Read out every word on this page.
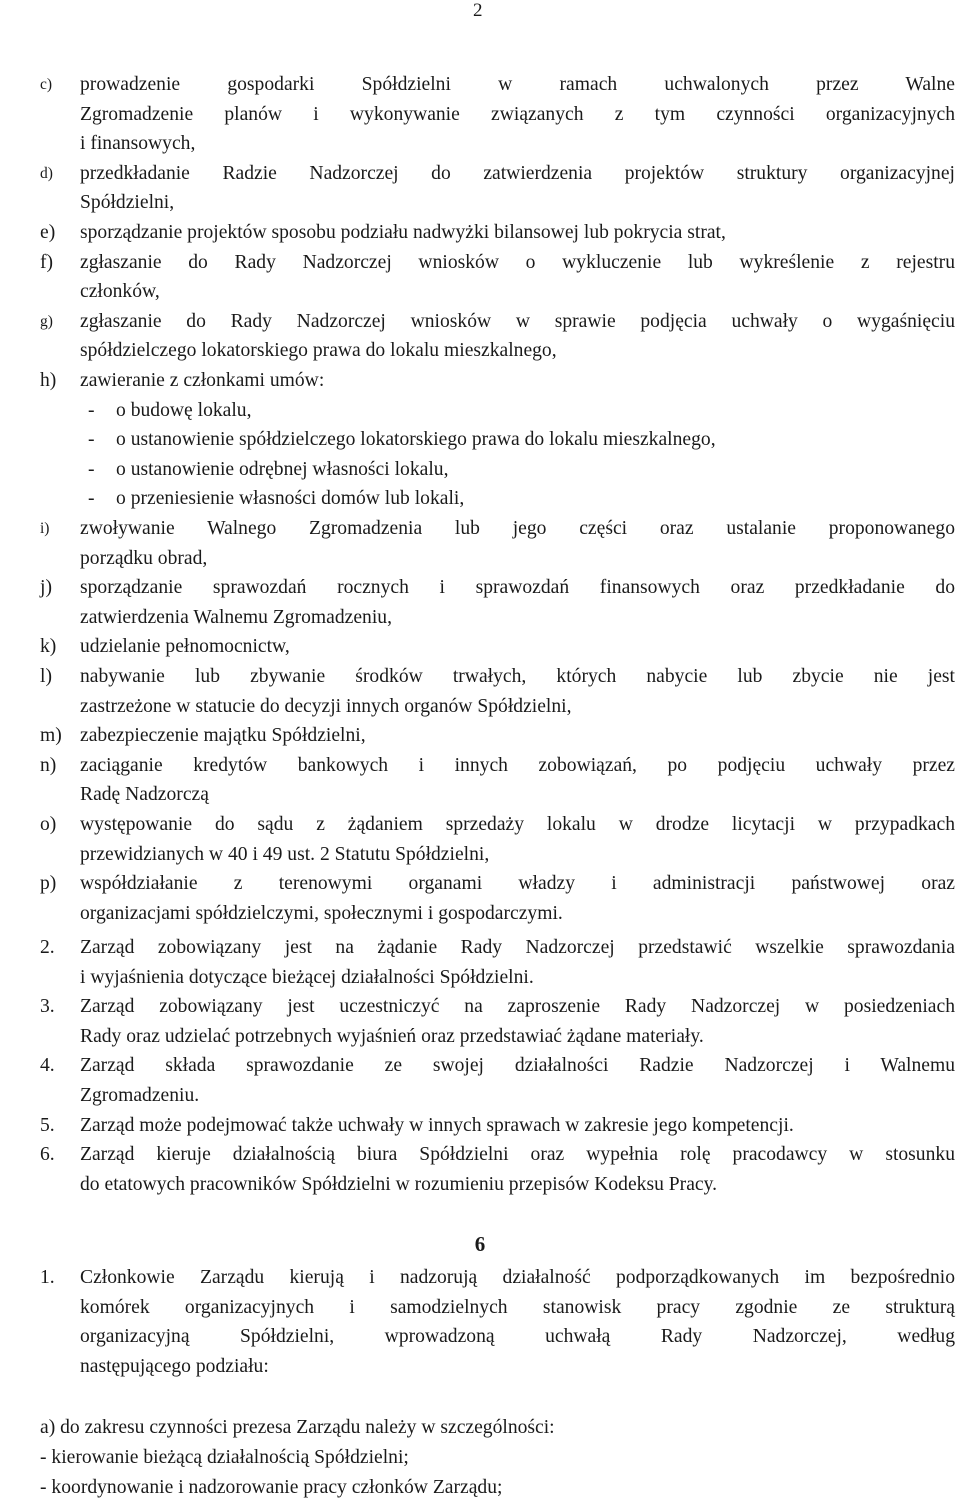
2
c) prowadzenie gospodarki Spółdzielni w ramach uchwalonych przez Walne
Zgromadzenie planów i wykonywanie związanych z tym czynności organizacyjnych
i finansowych,
d) przedkładanie Radzie Nadzorczej do zatwierdzenia projektów struktury organizacyjnej
Spółdzielni,
e) sporządzanie projektów sposobu podziału nadwyżki bilansowej lub pokrycia strat,
f) zgłaszanie do Rady Nadzorczej wniosków o wykluczenie lub wykreślenie z rejestru
członków,
g) zgłaszanie do Rady Nadzorczej wniosków w sprawie podjęcia uchwały o wygaśnięciu
spółdzielczego lokatorskiego prawa do lokalu mieszkalnego,
h) zawieranie z członkami umów:
- o budowę lokalu,
- o ustanowienie spółdzielczego lokatorskiego prawa do lokalu mieszkalnego,
- o ustanowienie odrębnej własności lokalu,
- o przeniesienie własności domów lub lokali,
i) zwoływanie Walnego Zgromadzenia lub jego części oraz ustalanie proponowanego
porządku obrad,
j) sporządzanie sprawozdań rocznych i sprawozdań finansowych oraz przedkładanie do
zatwierdzenia Walnemu Zgromadzeniu,
k) udzielanie pełnomocnictw,
l) nabywanie lub zbywanie środków trwałych, których nabycie lub zbycie nie jest
zastrzeżone w statucie do decyzji innych organów Spółdzielni,
m) zabezpieczenie majątku Spółdzielni,
n) zaciąganie kredytów bankowych i innych zobowiązań, po podjęciu uchwały przez
Radę Nadzorczą
o) występowanie do sądu z żądaniem sprzedaży lokalu w drodze licytacji w przypadkach
przewidzianych w 40 i 49 ust. 2 Statutu Spółdzielni,
p) współdziałanie z terenowymi organami władzy i administracji państwowej oraz
organizacjami spółdzielczymi, społecznymi i gospodarczymi.
2. Zarząd zobowiązany jest na żądanie Rady Nadzorczej przedstawić wszelkie sprawozdania
i wyjaśnienia dotyczące bieżącej działalności Spółdzielni.
3. Zarząd zobowiązany jest uczestniczyć na zaproszenie Rady Nadzorczej w posiedzeniach
Rady oraz udzielać potrzebnych wyjaśnień oraz przedstawiać żądane materiały.
4. Zarząd składa sprawozdanie ze swojej działalności Radzie Nadzorczej i Walnemu
Zgromadzeniu.
5. Zarząd może podejmować także uchwały w innych sprawach w zakresie jego kompetencji.
6. Zarząd kieruje działalnością biura Spółdzielni oraz wypełnia rolę pracodawcy w stosunku
do etatowych pracowników Spółdzielni w rozumieniu przepisów Kodeksu Pracy.
6
1. Członkowie Zarządu kierują i nadzorują działalność podporządkowanych im bezpośrednio
komórek organizacyjnych i samodzielnych stanowisk pracy zgodnie ze strukturą
organizacyjną Spółdzielni, wprowadzoną uchwałą Rady Nadzorczej, według
następującego podziału:
a) do zakresu czynności prezesa Zarządu należy w szczególności:
- kierowanie bieżącą działalnością Spółdzielni;
- koordynowanie i nadzorowanie pracy członków Zarządu;
